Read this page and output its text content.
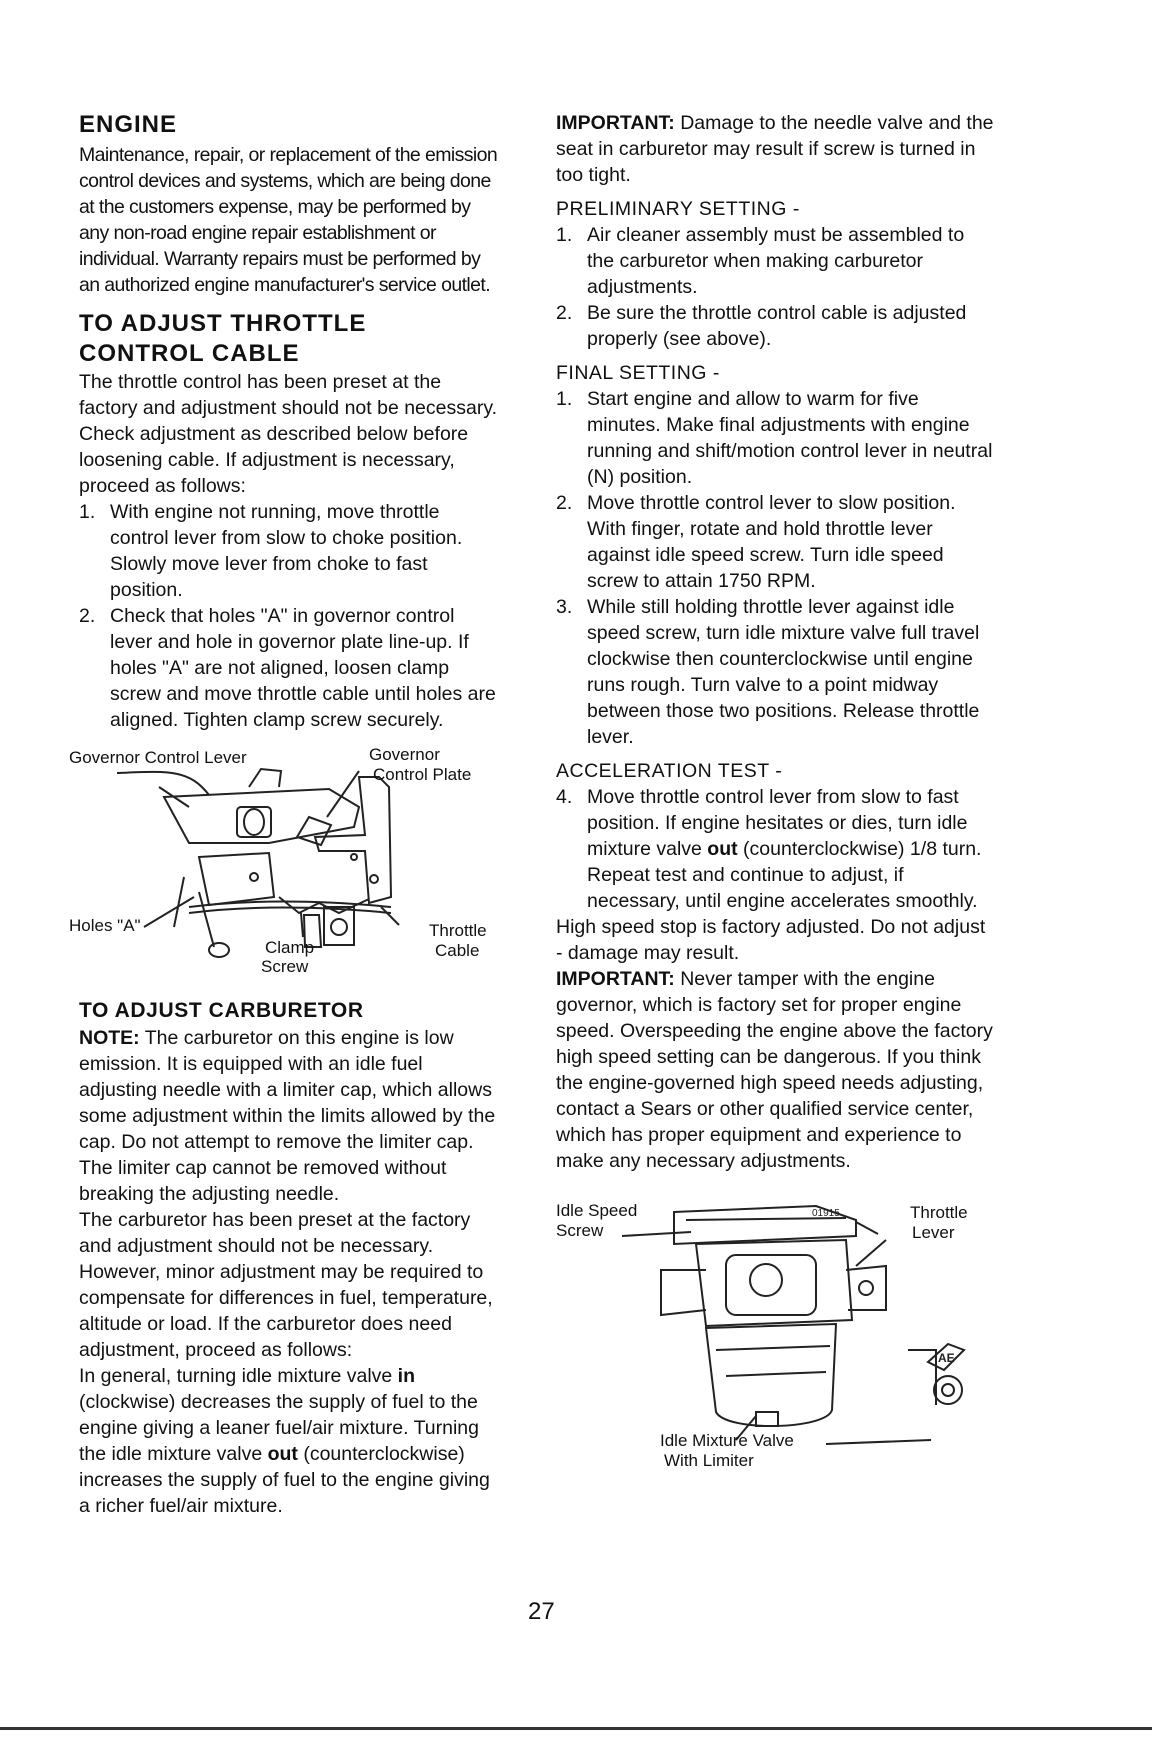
ENGINE

Maintenance, repair, or replacement of the emission control devices and systems, which are being done at the customers expense, may be performed by any non-road engine repair establishment or individual. Warranty repairs must be performed by an authorized engine manufacturer's service outlet.

TO ADJUST THROTTLE CONTROL CABLE

The throttle control has been preset at the factory and adjustment should not be necessary. Check adjustment as described below before loosening cable. If adjustment is necessary, proceed as follows:

1. With engine not running, move throttle control lever from slow to choke position. Slowly move lever from choke to fast position.
2. Check that holes "A" in governor control lever and hole in governor plate line-up. If holes "A" are not aligned, loosen clamp screw and move throttle cable until holes are aligned. Tighten clamp screw securely.
Governor Control Lever	Governor
Control Plate
Holes "A"
Clamp
Screw
Throttle
Cable
TO ADJUST CARBURETOR

NOTE: The carburetor on this engine is low emission. It is equipped with an idle fuel adjusting needle with a limiter cap, which allows some adjustment within the limits allowed by the cap. Do not attempt to remove the limiter cap. The limiter cap cannot be removed without breaking the adjusting needle.

The carburetor has been preset at the factory and adjustment should not be necessary. However, minor adjustment may be required to compensate for differences in fuel, temperature, altitude or load. If the carburetor does need adjustment, proceed as follows:

In general, turning idle mixture valve in (clockwise) decreases the supply of fuel to the engine giving a leaner fuel/air mixture. Turning the idle mixture valve out (counterclockwise) increases the supply of fuel to the engine giving a richer fuel/air mixture.

IMPORTANT: Damage to the needle valve and the seat in carburetor may result if screw is turned in too tight.

PRELIMINARY SETTING -
1. Air cleaner assembly must be assembled to the carburetor when making carburetor adjustments.
2. Be sure the throttle control cable is adjusted properly (see above).
FINAL SETTING -
1. Start engine and allow to warm for five minutes. Make final adjustments with engine running and shift/motion control lever in neutral (N) position.
2. Move throttle control lever to slow position. With finger, rotate and hold throttle lever against idle speed screw. Turn idle speed screw to attain 1750 RPM.
3. While still holding throttle lever against idle speed screw, turn idle mixture valve full travel clockwise then counterclockwise until engine runs rough. Turn valve to a point midway between those two positions. Release throttle lever.
ACCELERATION TEST -
4. Move throttle control lever from slow to fast position. If engine hesitates or dies, turn idle mixture valve out (counterclockwise) 1/8 turn. Repeat test and continue to adjust, if necessary, until engine accelerates smoothly.

High speed stop is factory adjusted. Do not adjust - damage may result.

IMPORTANT: Never tamper with the engine governor, which is factory set for proper engine speed. Overspeeding the engine above the factory high speed setting can be dangerous. If you think the engine-governed high speed needs adjusting, contact a Sears or other qualified service center, which has proper equipment and experience to make any necessary adjustments.

01915
AE
Idle Speed
Screw
Throttle
Lever
Idle Mixture Valve
With Limiter
27
